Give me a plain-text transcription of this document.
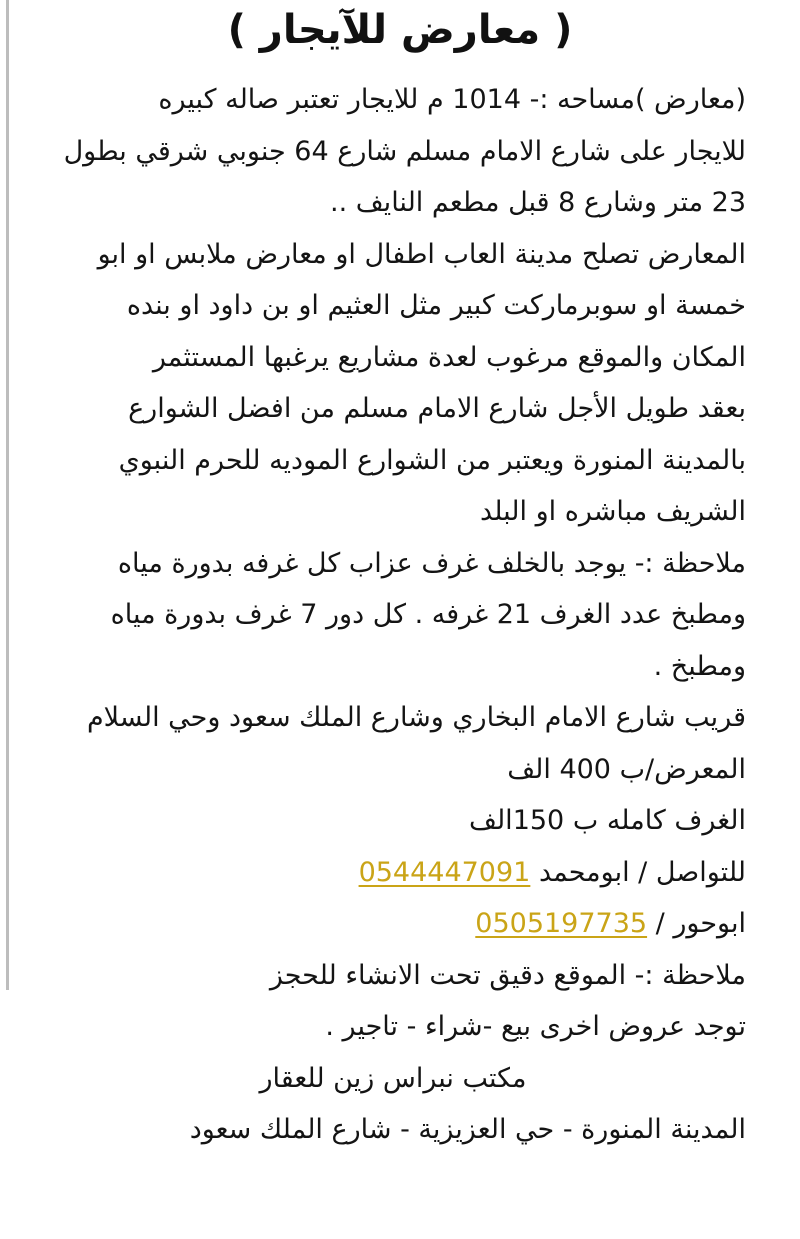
( معارض للآيجار )
(معارض )مساحه :- 1014 م للايجار تعتبر صاله كبيره
للايجار على شارع الامام مسلم شارع 64 جنوبي شرقي بطول
23 متر وشارع 8 قبل مطعم النايف ..
المعارض تصلح مدينة العاب اطفال او معارض ملابس او ابو
خمسة او سوبرماركت كبير مثل العثيم او بن داود او بنده
المكان والموقع مرغوب لعدة مشاريع يرغبها المستثمر
بعقد طويل الأجل شارع الامام مسلم من افضل الشوارع
بالمدينة المنورة ويعتبر من الشوارع الموديه للحرم النبوي
الشريف مباشره او البلد
ملاحظة :- يوجد بالخلف غرف عزاب كل غرفه بدورة مياه
ومطبخ عدد الغرف 21 غرفه . كل دور 7 غرف بدورة مياه
ومطبخ .
قريب شارع الامام البخاري وشارع الملك سعود وحي السلام
المعرض/ب 400 الف
الغرف كامله ب 150الف
للتواصل / ابومحمد 0544447091
ابوحور / 0505197735
ملاحظة :- الموقع دقيق تحت الانشاء للحجز
توجد عروض اخرى بيع -شراء - تاجير .
مكتب نبراس زين للعقار
المدينة المنورة - حي العزيزية - شارع الملك سعود
